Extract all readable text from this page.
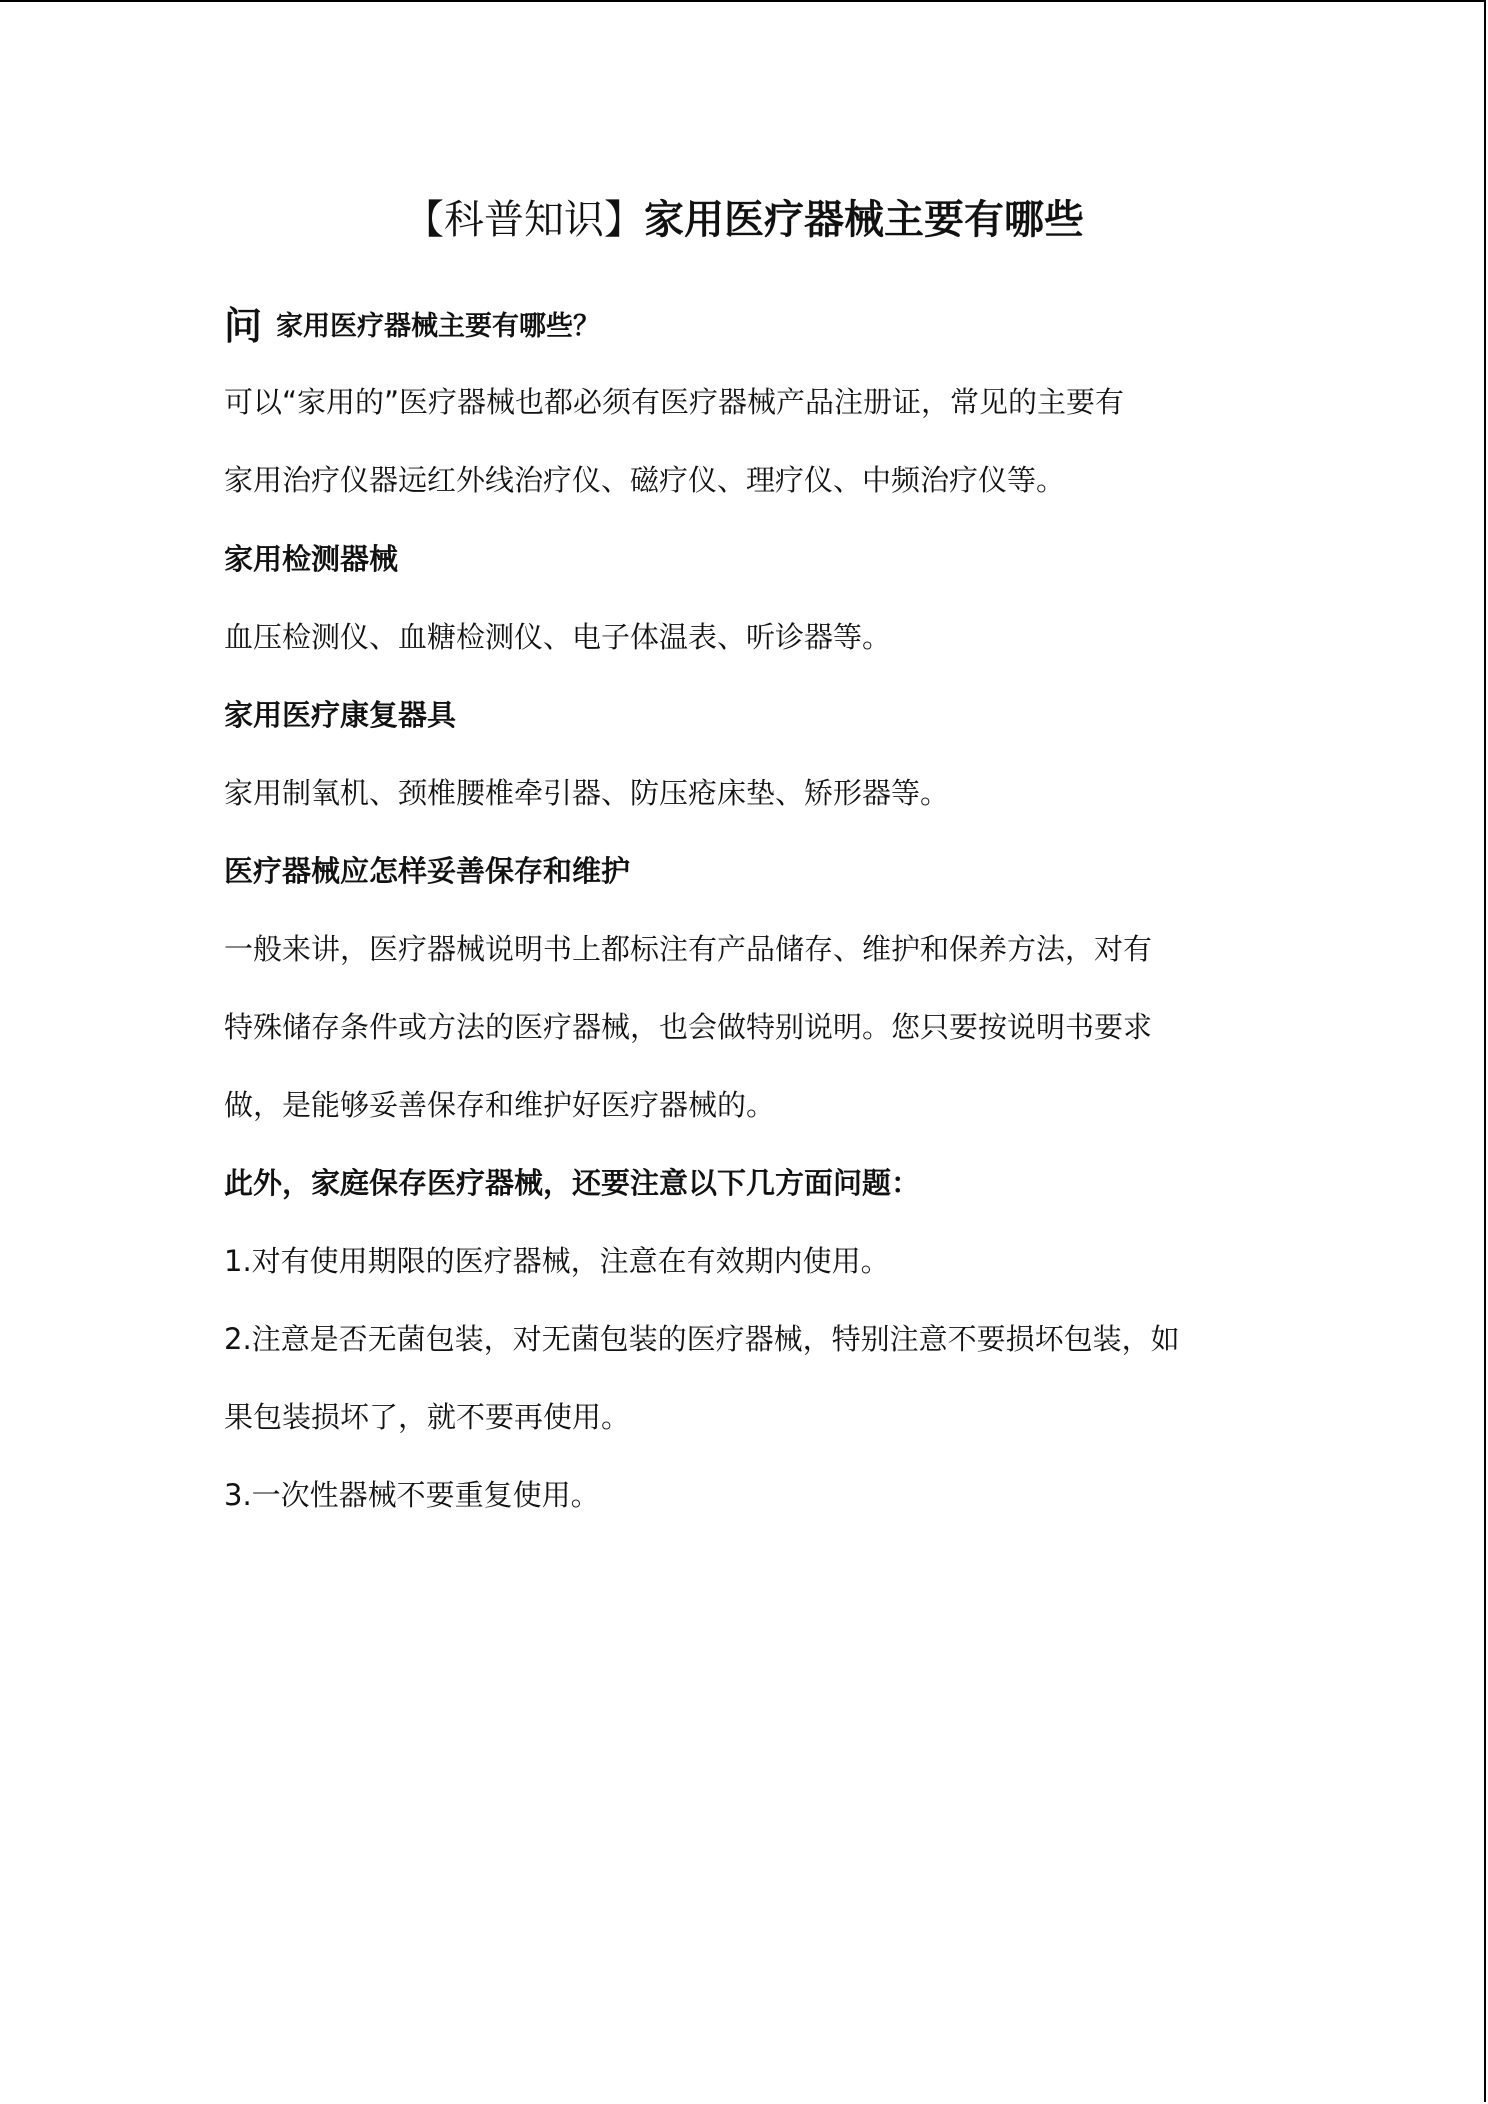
【科普知识】家用医疗器械主要有哪些
问 家用医疗器械主要有哪些？
可以“家用的”医疗器械也都必须有医疗器械产品注册证，常见的主要有
家用治疗仪器远红外线治疗仪、磁疗仪、理疗仪、中频治疗仪等。
家用检测器械
血压检测仪、血糖检测仪、电子体温表、听诊器等。
家用医疗康复器具
家用制氧机、颈椎腰椎牵引器、防压疮床垫、矫形器等。
医疗器械应怎样妥善保存和维护
一般来讲，医疗器械说明书上都标注有产品储存、维护和保养方法，对有
特殊储存条件或方法的医疗器械，也会做特别说明。您只要按说明书要求
做，是能够妥善保存和维护好医疗器械的。
此外，家庭保存医疗器械，还要注意以下几方面问题：
1.对有使用期限的医疗器械，注意在有效期内使用。
2.注意是否无菌包装，对无菌包装的医疗器械，特别注意不要损坏包装，如
果包装损坏了，就不要再使用。
3.一次性器械不要重复使用。
